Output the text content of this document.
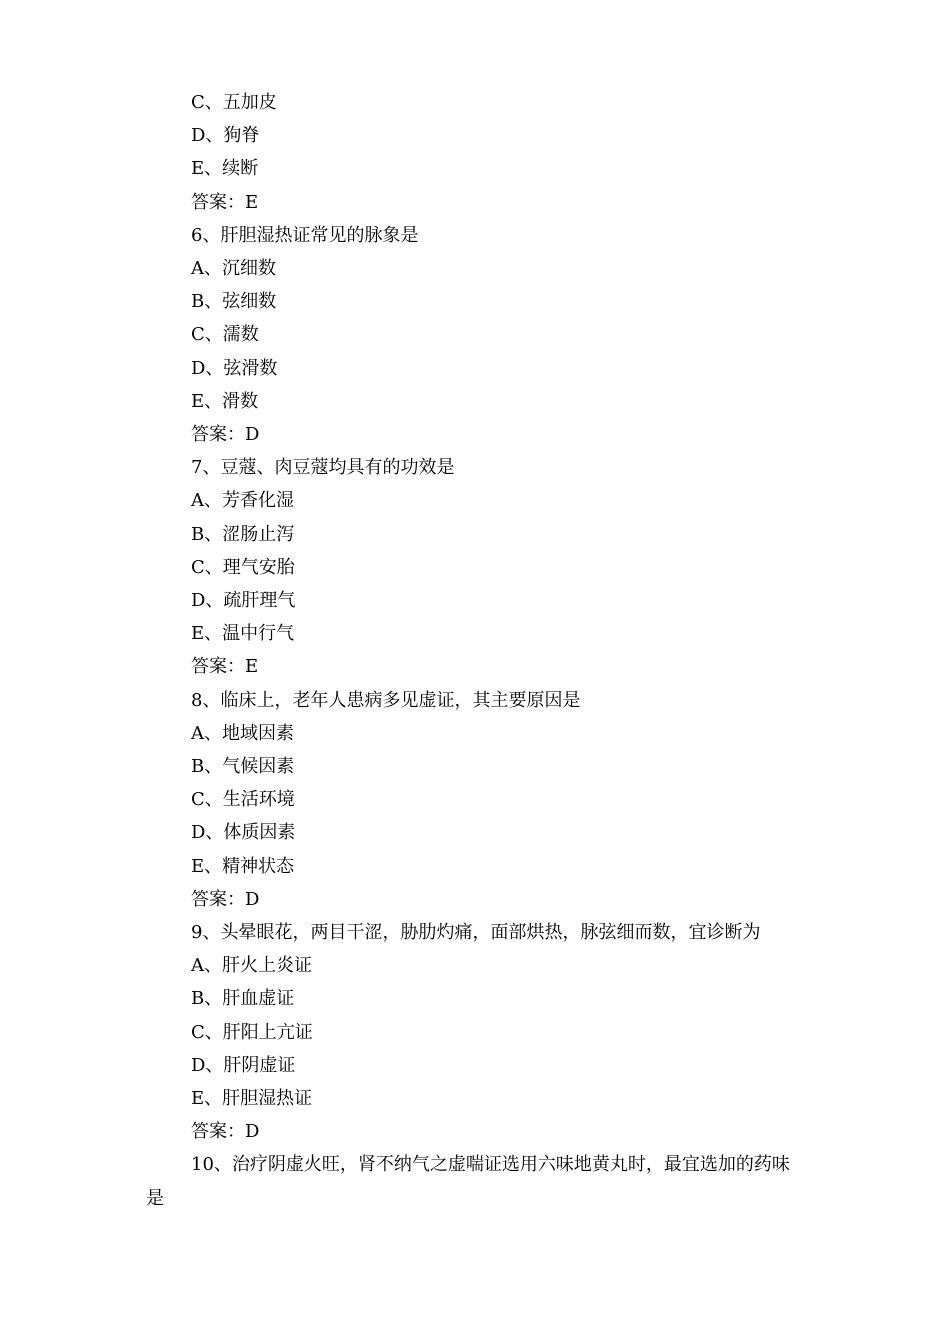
C、五加皮
D、狗脊
E、续断
答案：E
6、肝胆湿热证常见的脉象是
A、沉细数
B、弦细数
C、濡数
D、弦滑数
E、滑数
答案：D
7、豆蔻、肉豆蔻均具有的功效是
A、芳香化湿
B、涩肠止泻
C、理气安胎
D、疏肝理气
E、温中行气
答案：E
8、临床上，老年人患病多见虚证，其主要原因是
A、地域因素
B、气候因素
C、生活环境
D、体质因素
E、精神状态
答案：D
9、头晕眼花，两目干涩，胁肋灼痛，面部烘热，脉弦细而数，宜诊断为
A、肝火上炎证
B、肝血虚证
C、肝阳上亢证
D、肝阴虚证
E、肝胆湿热证
答案：D
10、治疗阴虚火旺，肾不纳气之虚喘证选用六味地黄丸时，最宜选加的药味
是
